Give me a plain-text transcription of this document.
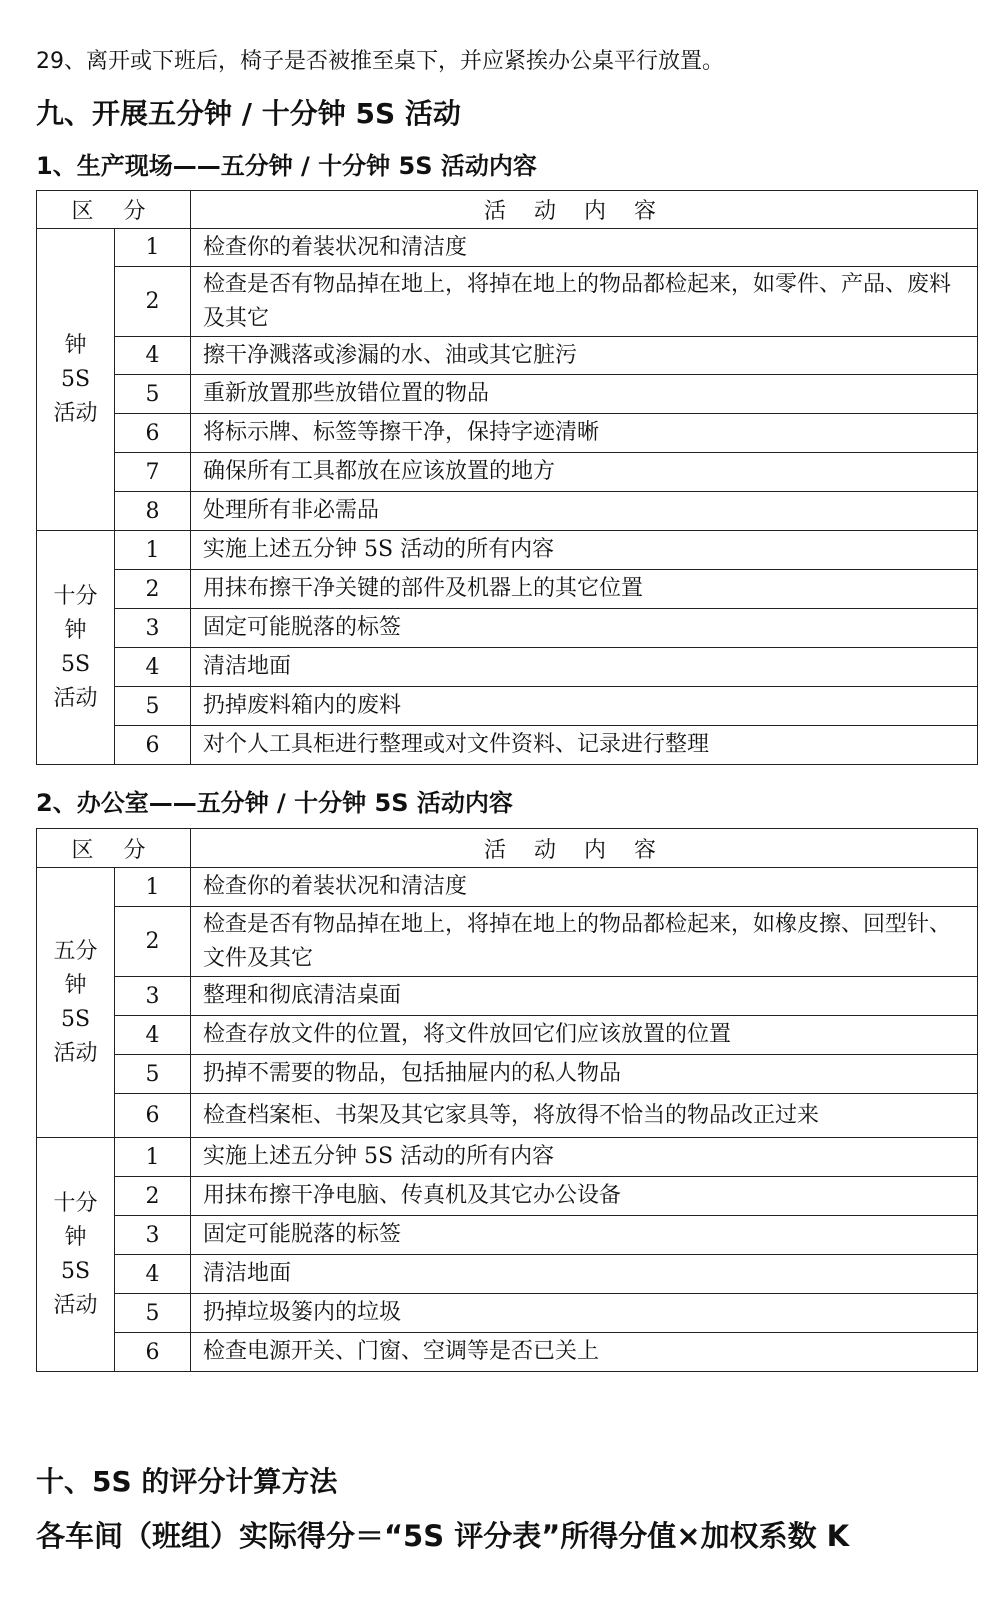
29、离开或下班后，椅子是否被推至桌下，并应紧挨办公桌平行放置。
九、开展五分钟 / 十分钟 5S 活动
1、生产现场——五分钟 / 十分钟 5S 活动内容
区分		活动内容

钟
5S
活动	1	检查你的着装状况和清洁度
	2	检查是否有物品掉在地上，将掉在地上的物品都检起来，如零件、产品、废料及其它
	4	擦干净溅落或渗漏的水、油或其它脏污
	5	重新放置那些放错位置的物品
	6	将标示牌、标签等擦干净，保持字迹清晰
	7	确保所有工具都放在应该放置的地方
	8	处理所有非必需品

十分
钟
5S
活动	1	实施上述五分钟 5S 活动的所有内容
	2	用抹布擦干净关键的部件及机器上的其它位置
	3	固定可能脱落的标签
	4	清洁地面
	5	扔掉废料箱内的废料
	6	对个人工具柜进行整理或对文件资料、记录进行整理
2、办公室——五分钟 / 十分钟 5S 活动内容
区分		活动内容

五分
钟
5S
活动	1	检查你的着装状况和清洁度
	2	检查是否有物品掉在地上，将掉在地上的物品都检起来，如橡皮擦、回型针、文件及其它
	3	整理和彻底清洁桌面
	4	检查存放文件的位置，将文件放回它们应该放置的位置
	5	扔掉不需要的物品，包括抽屉内的私人物品
	6	检查档案柜、书架及其它家具等，将放得不恰当的物品改正过来

十分
钟
5S
活动	1	实施上述五分钟 5S 活动的所有内容
	2	用抹布擦干净电脑、传真机及其它办公设备
	3	固定可能脱落的标签
	4	清洁地面
	5	扔掉垃圾篓内的垃圾
	6	检查电源开关、门窗、空调等是否已关上
十、5S 的评分计算方法
各车间（班组）实际得分＝“5S 评分表”所得分值×加权系数 K
